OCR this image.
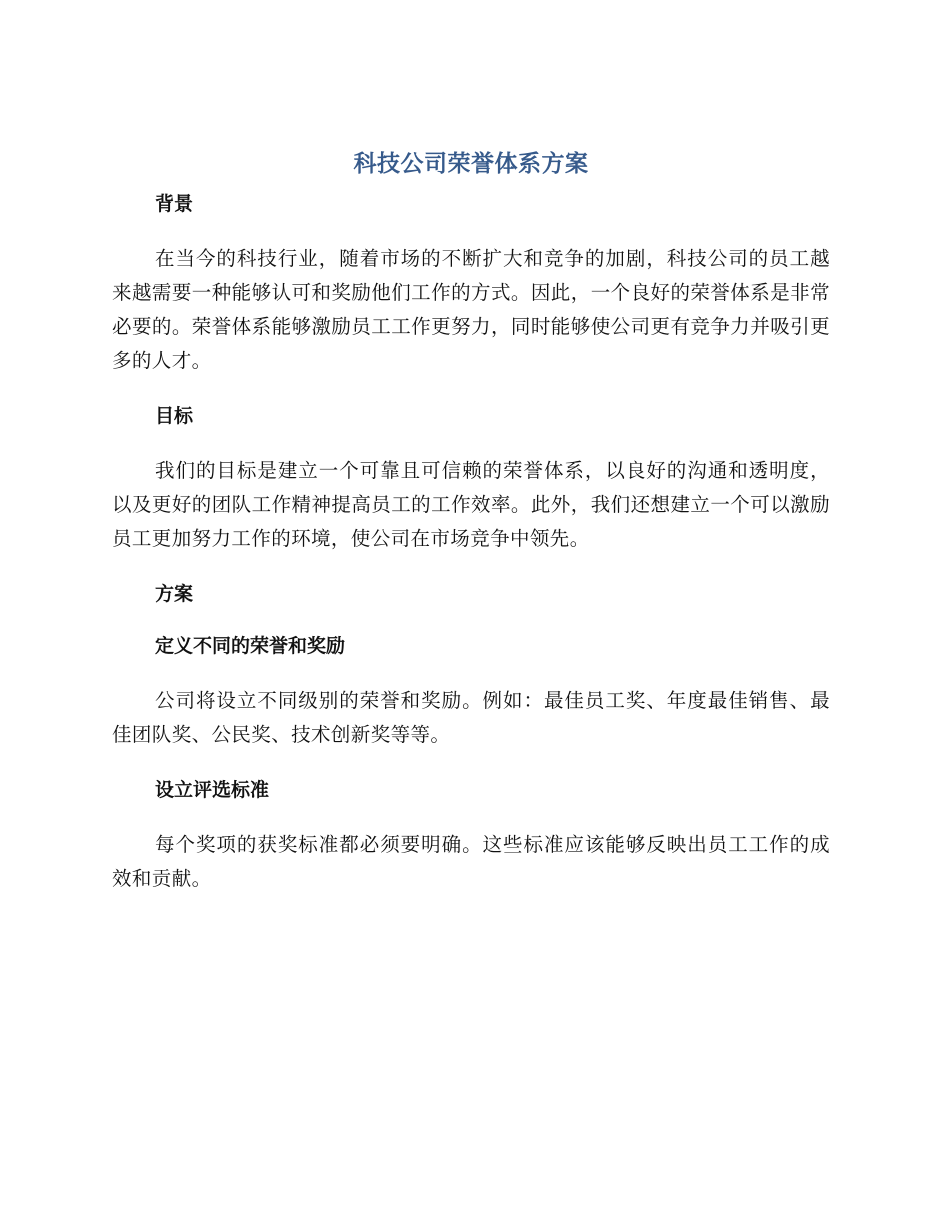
科技公司荣誉体系方案
背景

在当今的科技行业，随着市场的不断扩大和竞争的加剧，科技公司的员工越来越需要一种能够认可和奖励他们工作的方式。因此，一个良好的荣誉体系是非常必要的。荣誉体系能够激励员工工作更努力，同时能够使公司更有竞争力并吸引更多的人才。

目标

我们的目标是建立一个可靠且可信赖的荣誉体系，以良好的沟通和透明度，以及更好的团队工作精神提高员工的工作效率。此外，我们还想建立一个可以激励员工更加努力工作的环境，使公司在市场竞争中领先。

方案
定义不同的荣誉和奖励

公司将设立不同级别的荣誉和奖励。例如：最佳员工奖、年度最佳销售、最佳团队奖、公民奖、技术创新奖等等。

设立评选标准

每个奖项的获奖标准都必须要明确。这些标准应该能够反映出员工工作的成效和贡献。
